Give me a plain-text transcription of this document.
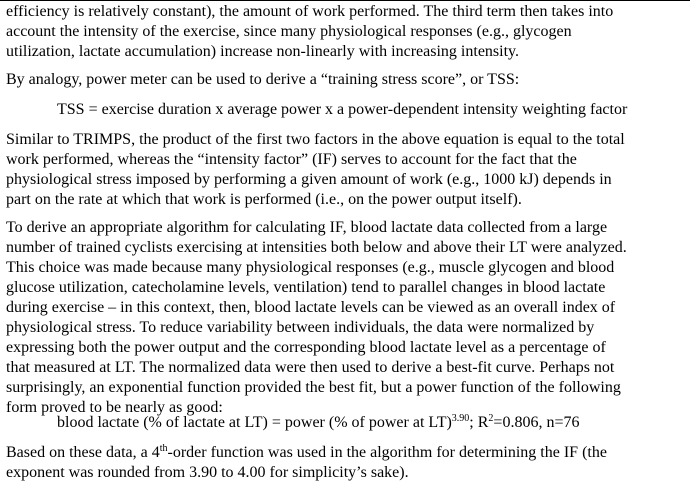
efficiency is relatively constant), the amount of work performed. The third term then takes into
account the intensity of the exercise, since many physiological responses (e.g., glycogen
utilization, lactate accumulation) increase non-linearly with increasing intensity.
By analogy, power meter can be used to derive a “training stress score”, or TSS:
TSS = exercise duration x average power x a power-dependent intensity weighting factor
Similar to TRIMPS, the product of the first two factors in the above equation is equal to the total
work performed, whereas the “intensity factor” (IF) serves to account for the fact that the
physiological stress imposed by performing a given amount of work (e.g., 1000 kJ) depends in
part on the rate at which that work is performed (i.e., on the power output itself).
To derive an appropriate algorithm for calculating IF, blood lactate data collected from a large
number of trained cyclists exercising at intensities both below and above their LT were analyzed.
This choice was made because many physiological responses (e.g., muscle glycogen and blood
glucose utilization, catecholamine levels, ventilation) tend to parallel changes in blood lactate
during exercise – in this context, then, blood lactate levels can be viewed as an overall index of
physiological stress. To reduce variability between individuals, the data were normalized by
expressing both the power output and the corresponding blood lactate level as a percentage of
that measured at LT. The normalized data were then used to derive a best-fit curve. Perhaps not
surprisingly, an exponential function provided the best fit, but a power function of the following
form proved to be nearly as good:
blood lactate (% of lactate at LT) = power (% of power at LT)$^{3.90}$; $R^2=0.806$, n=76
Based on these data, a 4th-order function was used in the algorithm for determining the IF (the
exponent was rounded from 3.90 to 4.00 for simplicity’s sake).
